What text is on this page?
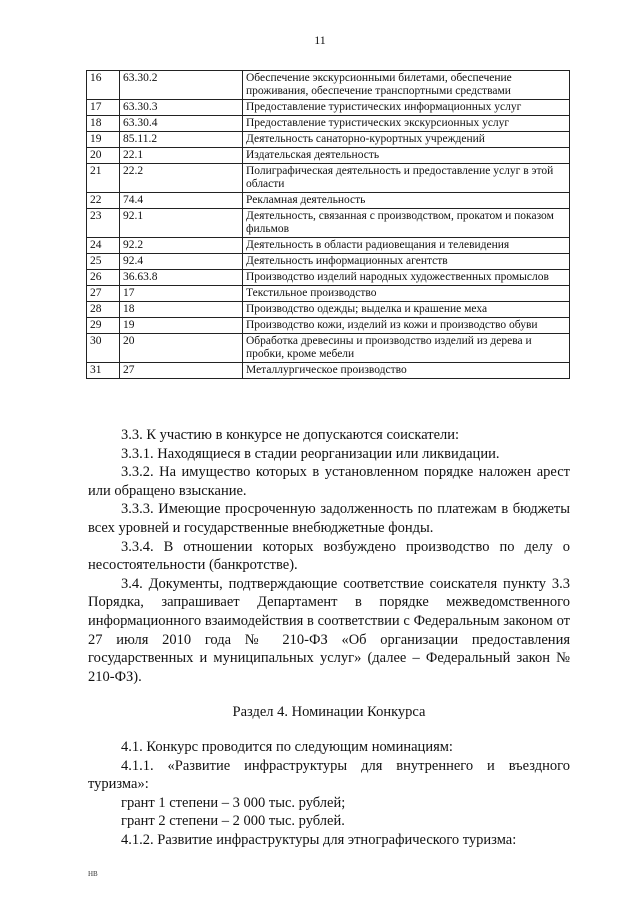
11
16	63.30.2	Обеспечение экскурсионными билетами, обеспечение проживания, обеспечение транспортными средствами
17	63.30.3	Предоставление туристических информационных услуг
18	63.30.4	Предоставление туристических экскурсионных услуг
19	85.11.2	Деятельность санаторно-курортных учреждений
20	22.1	Издательская деятельность
21	22.2	Полиграфическая деятельность и предоставление услуг в этой области
22	74.4	Рекламная деятельность
23	92.1	Деятельность, связанная с производством, прокатом и показом фильмов
24	92.2	Деятельность в области радиовещания и телевидения
25	92.4	Деятельность информационных агентств
26	36.63.8	Производство изделий народных художественных промыслов
27	17	Текстильное производство
28	18	Производство одежды; выделка и крашение меха
29	19	Производство кожи, изделий из кожи и производство обуви
30	20	Обработка древесины и производство изделий из дерева и пробки, кроме мебели
31	27	Металлургическое производство

3.3. К участию в конкурсе не допускаются соискатели:

3.3.1. Находящиеся в стадии реорганизации или ликвидации.

3.3.2. На имущество которых в установленном порядке наложен арест или обращено взыскание.

3.3.3. Имеющие просроченную задолженность по платежам в бюджеты всех уровней и государственные внебюджетные фонды.

3.3.4. В отношении которых возбуждено производство по делу о несостоятельности (банкротстве).

3.4. Документы, подтверждающие соответствие соискателя пункту 3.3 Порядка, запрашивает Департамент в порядке межведомственного информационного взаимодействия в соответствии с Федеральным законом от 27 июля 2010 года № 210-ФЗ «Об организации предоставления государственных и муниципальных услуг» (далее – Федеральный закон № 210-ФЗ).

Раздел 4. Номинации Конкурса

4.1. Конкурс проводится по следующим номинациям:

4.1.1. «Развитие инфраструктуры для внутреннего и въездного туризма»:

грант 1 степени – 3 000 тыс. рублей;

грант 2 степени – 2 000 тыс. рублей.

4.1.2. Развитие инфраструктуры для этнографического туризма:

HB
